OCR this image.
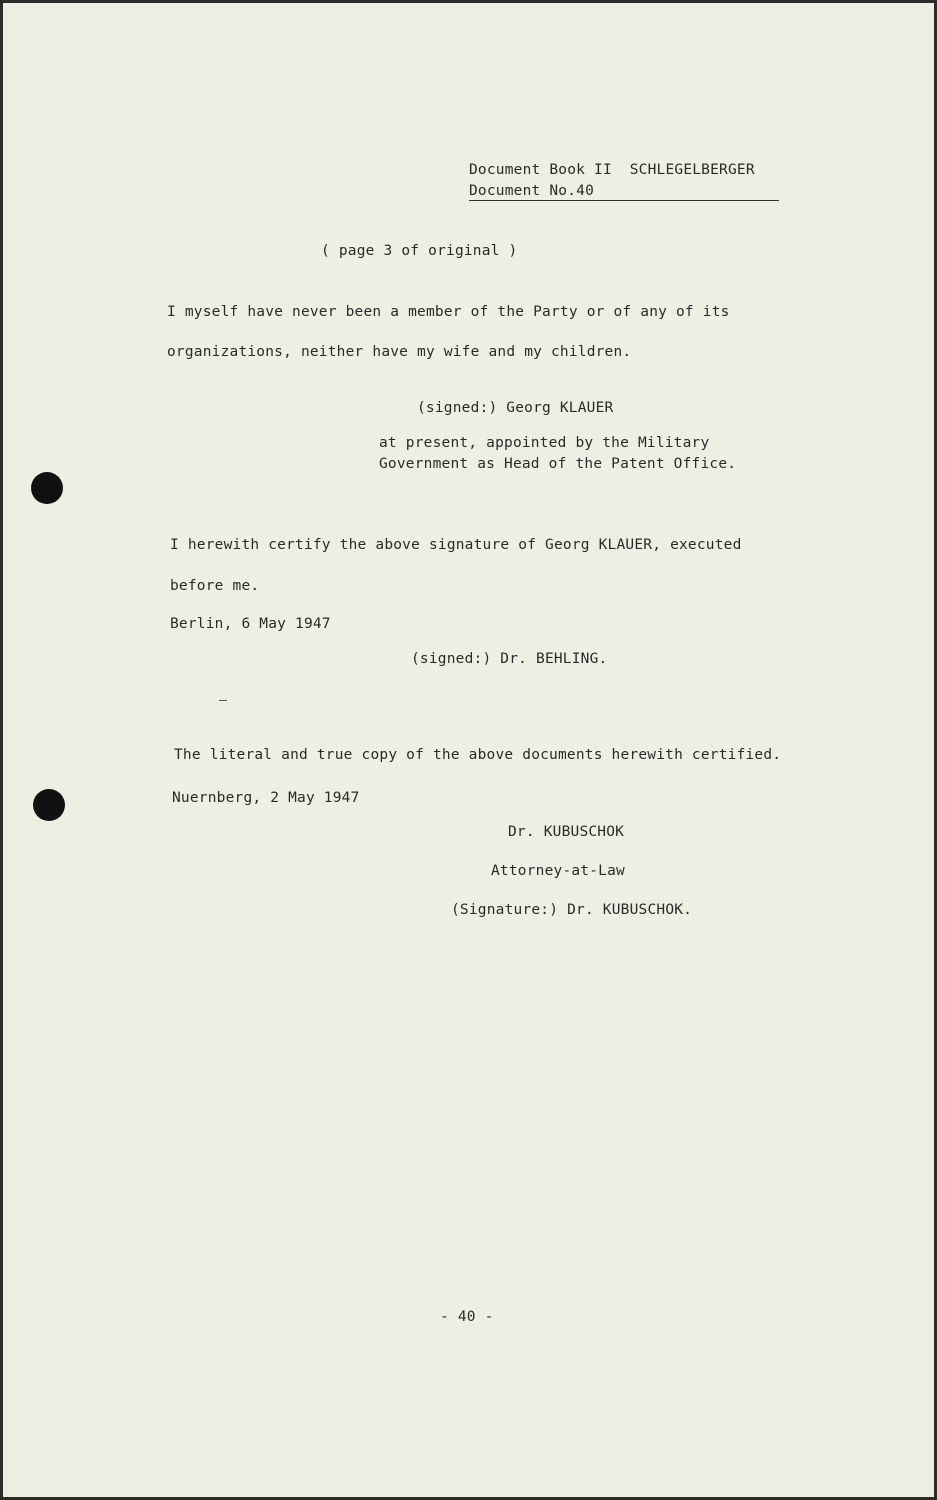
Document Book II  SCHLEGELBERGER
Document No.40
( page 3 of original )
I myself have never been a member of the Party or of any of its
organizations, neither have my wife and my children.
(signed:) Georg KLAUER
at present, appointed by the Military
Government as Head of the Patent Office.
I herewith certify the above signature of Georg KLAUER, executed
before me.
Berlin, 6 May 1947
(signed:) Dr. BEHLING.
The literal and true copy of the above documents herewith certified.
Nuernberg, 2 May 1947
Dr. KUBUSCHOK
Attorney-at-Law
(Signature:) Dr. KUBUSCHOK.
- 40 -
